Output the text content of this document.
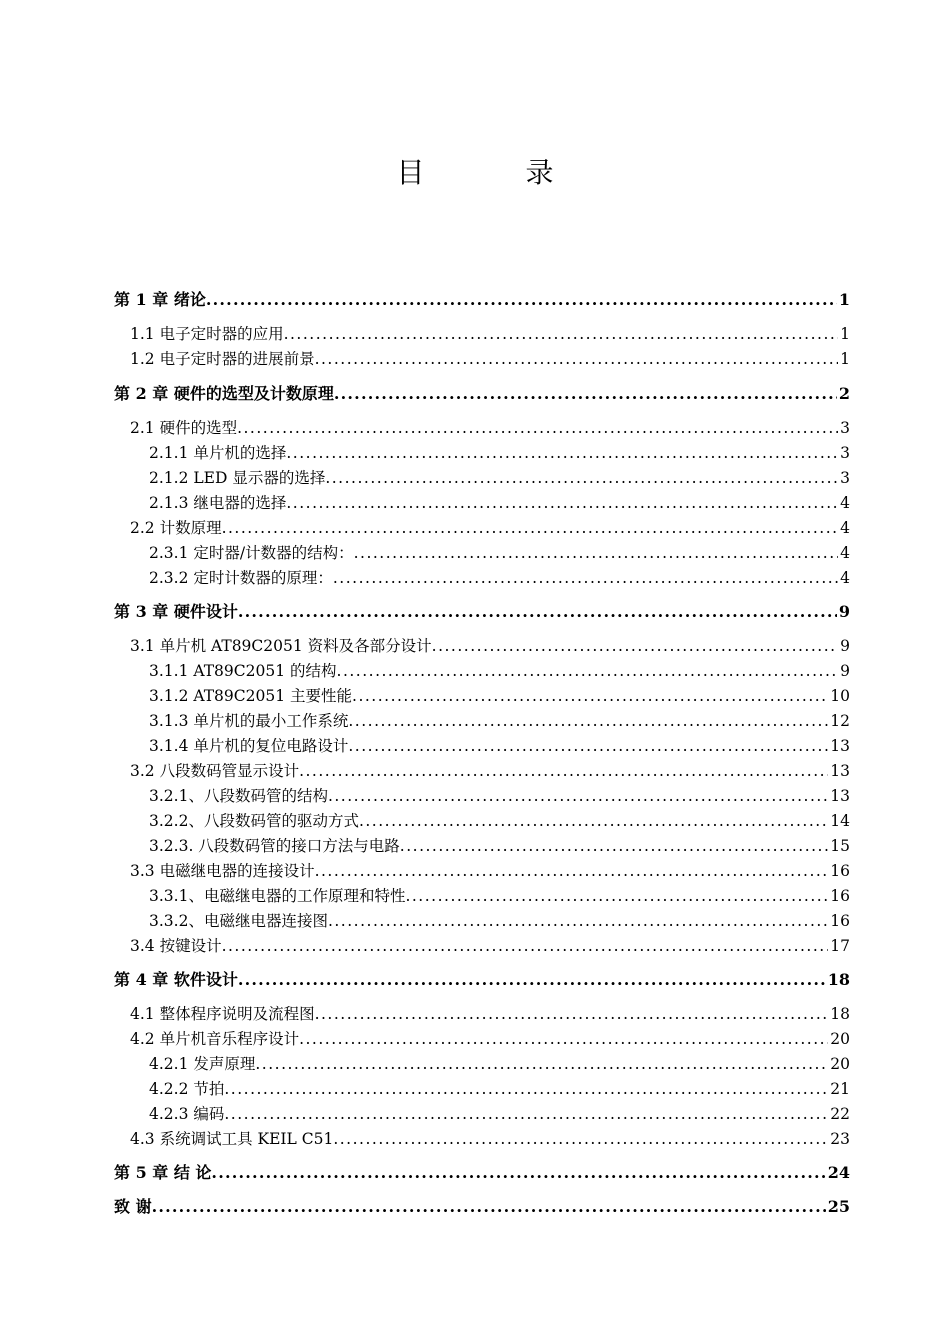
目 录
第 1 章 绪论 .....	1
1.1 电子定时器的应用 .....	1
1.2 电子定时器的进展前景 .....	1
第 2 章 硬件的选型及计数原理 .....	2
2.1 硬件的选型 .....	3
2.1.1 单片机的选择 .....	3
2.1.2 LED 显示器的选择 .....	3
2.1.3 继电器的选择 .....	4
2.2 计数原理 .....	4
2.3.1 定时器/计数器的结构： .....	4
2.3.2 定时计数器的原理： .....	4
第 3 章 硬件设计 .....	9
3.1 单片机 AT89C2051 资料及各部分设计 .....	9
3.1.1 AT89C2051 的结构 .....	9
3.1.2 AT89C2051 主要性能 .....	10
3.1.3 单片机的最小工作系统 .....	12
3.1.4 单片机的复位电路设计 .....	13
3.2 八段数码管显示设计 .....	13
3.2.1、八段数码管的结构 .....	13
3.2.2、八段数码管的驱动方式 .....	14
3.2.3. 八段数码管的接口方法与电路 .....	15
3.3 电磁继电器的连接设计 .....	16
3.3.1、电磁继电器的工作原理和特性 .....	16
3.3.2、电磁继电器连接图 .....	16
3.4 按键设计 .....	17
第 4 章 软件设计 .....	18
4.1 整体程序说明及流程图 .....	18
4.2 单片机音乐程序设计 .....	20
4.2.1 发声原理 .....	20
4.2.2 节拍 .....	21
4.2.3 编码 .....	22
4.3 系统调试工具 KEIL C51 .....	23
第 5 章 结 论 .....	24
致 谢 .....	25
